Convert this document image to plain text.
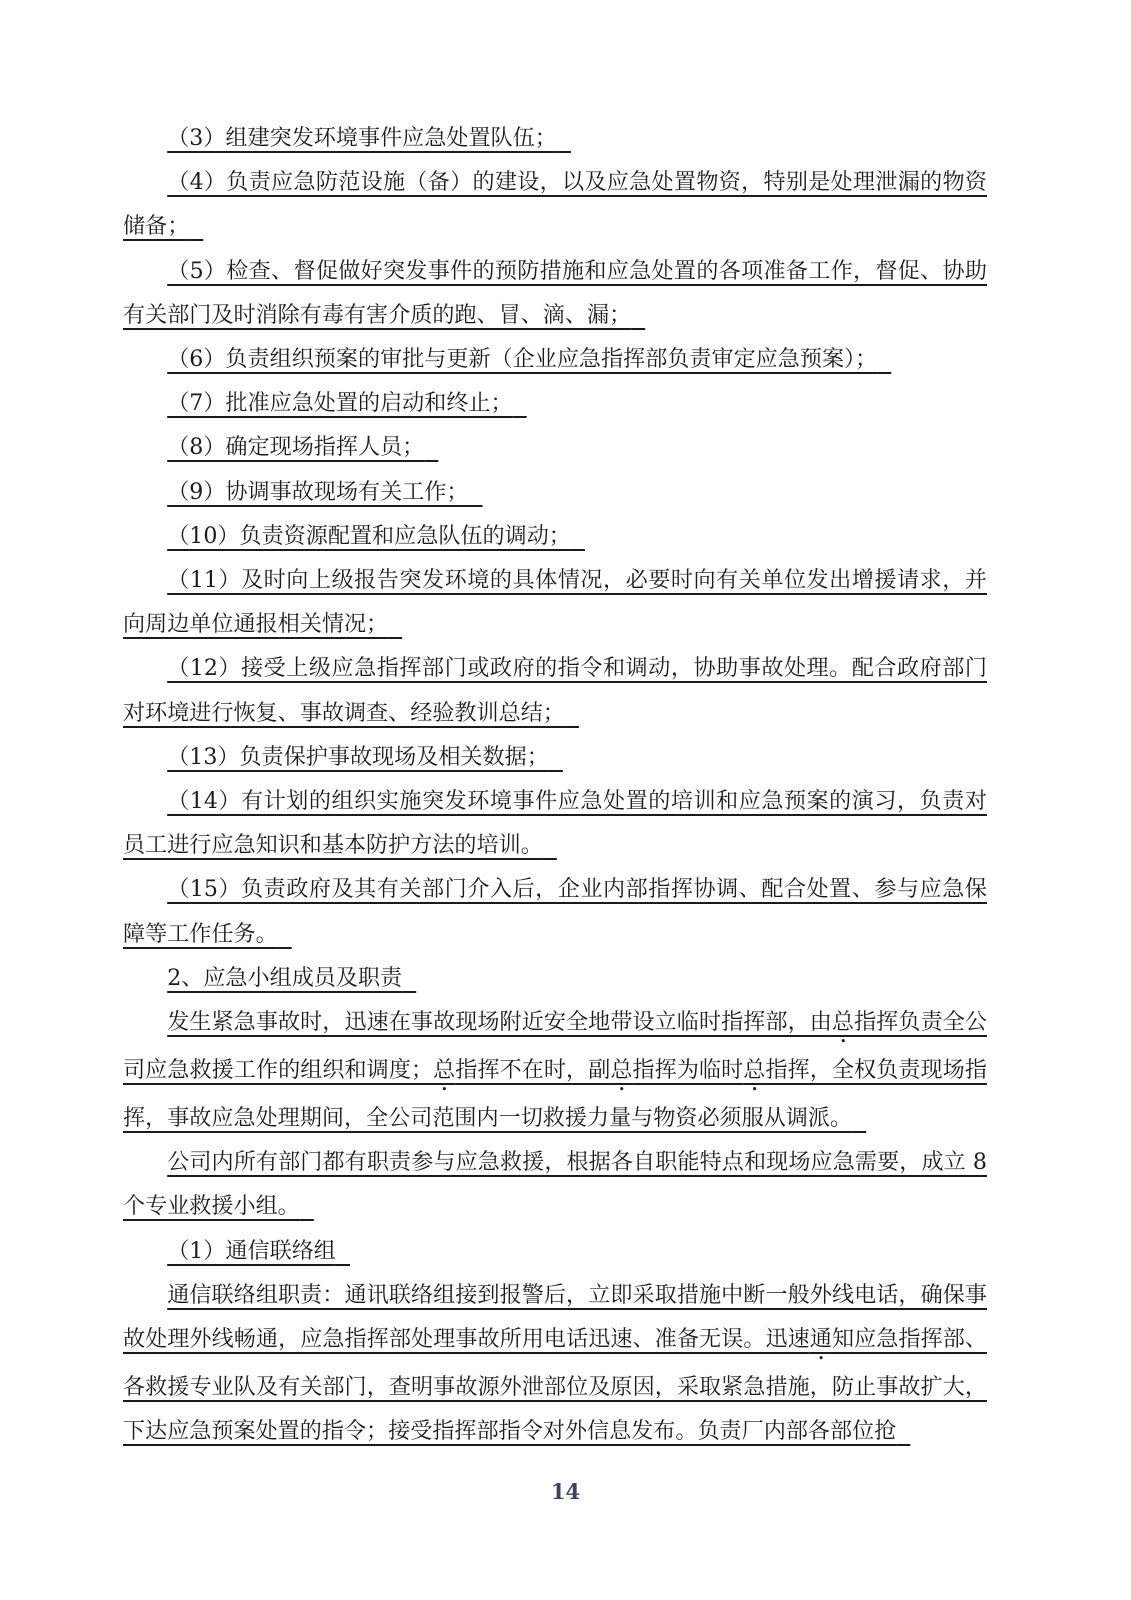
（3）组建突发环境事件应急处置队伍；

（4）负责应急防范设施（备）的建设，以及应急处置物资，特别是处理泄漏的物资储备；

（5）检查、督促做好突发事件的预防措施和应急处置的各项准备工作，督促、协助有关部门及时消除有毒有害介质的跑、冒、滴、漏；

（6）负责组织预案的审批与更新（企业应急指挥部负责审定应急预案）；

（7）批准应急处置的启动和终止；

（8）确定现场指挥人员；

（9）协调事故现场有关工作；

（10）负责资源配置和应急队伍的调动；

（11）及时向上级报告突发环境的具体情况，必要时向有关单位发出增援请求，并向周边单位通报相关情况；

（12）接受上级应急指挥部门或政府的指令和调动，协助事故处理。配合政府部门对环境进行恢复、事故调查、经验教训总结；

（13）负责保护事故现场及相关数据；

（14）有计划的组织实施突发环境事件应急处置的培训和应急预案的演习，负责对员工进行应急知识和基本防护方法的培训。

（15）负责政府及其有关部门介入后，企业内部指挥协调、配合处置、参与应急保障等工作任务。

2、应急小组成员及职责

发生紧急事故时，迅速在事故现场附近安全地带设立临时指挥部，由总指挥负责全公司应急救援工作的组织和调度；总指挥不在时，副总指挥为临时总指挥，全权负责现场指挥，事故应急处理期间，全公司范围内一切救援力量与物资必须服从调派。

公司内所有部门都有职责参与应急救援，根据各自职能特点和现场应急需要，成立 8 个专业救援小组。

（1）通信联络组

通信联络组职责：通讯联络组接到报警后，立即采取措施中断一般外线电话，确保事故处理外线畅通，应急指挥部处理事故所用电话迅速、准备无误。迅速通知应急指挥部、各救援专业队及有关部门，查明事故源外泄部位及原因，采取紧急措施，防止事故扩大，下达应急预案处置的指令；接受指挥部指令对外信息发布。负责厂内部各部位抢

14
